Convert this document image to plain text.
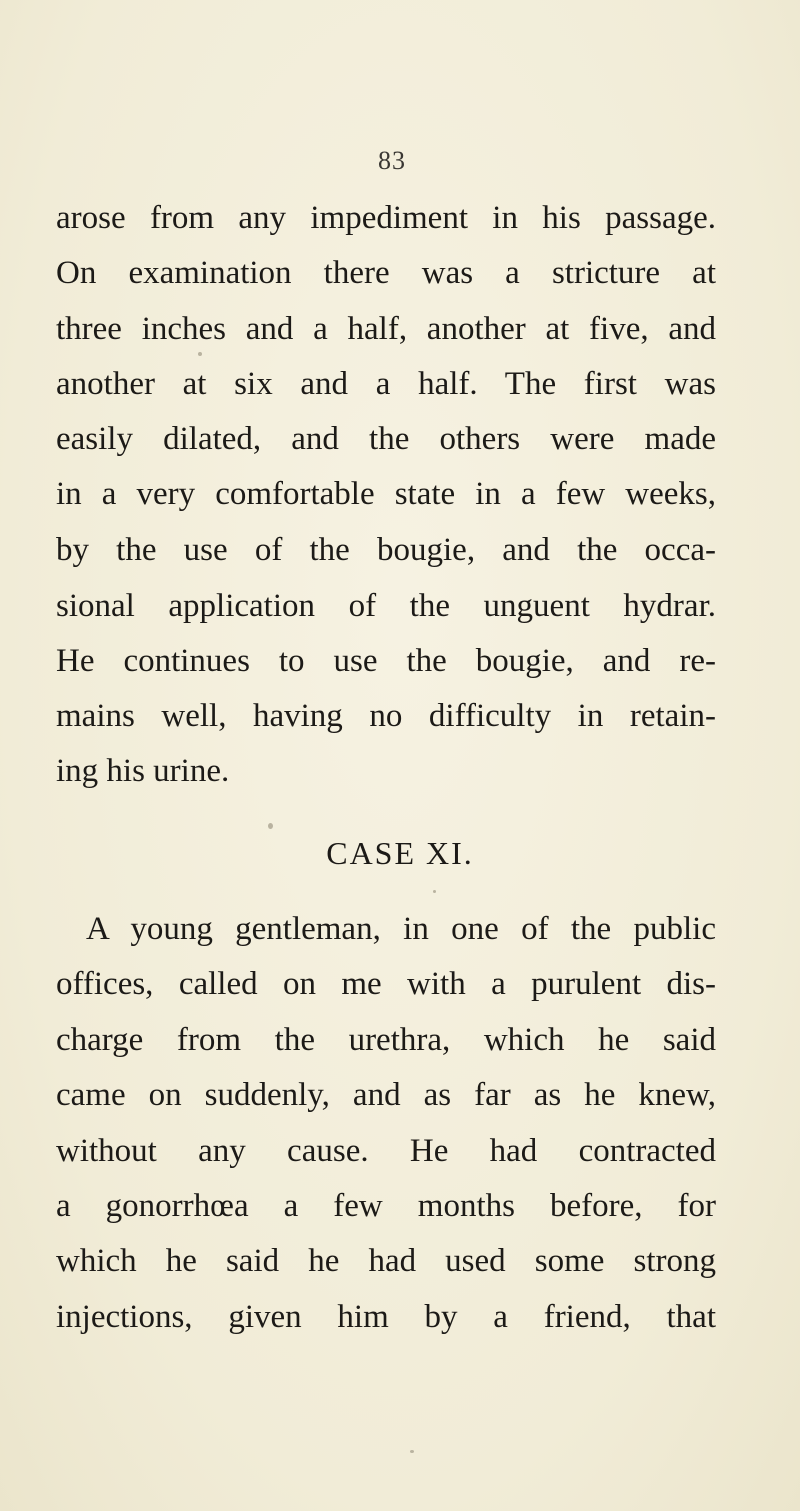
83
arose from any impediment in his passage.
On examination there was a stricture at
three inches and a half, another at five, and
another at six and a half. The first was
easily dilated, and the others were made
in a very comfortable state in a few weeks,
by the use of the bougie, and the occa-
sional application of the unguent hydrar.
He continues to use the bougie, and re-
mains well, having no difficulty in retain-
ing his urine.
CASE XI.
A young gentleman, in one of the public
offices, called on me with a purulent dis-
charge from the urethra, which he said
came on suddenly, and as far as he knew,
without any cause. He had contracted
a gonorrhœa a few months before, for
which he said he had used some strong
injections, given him by a friend, that
